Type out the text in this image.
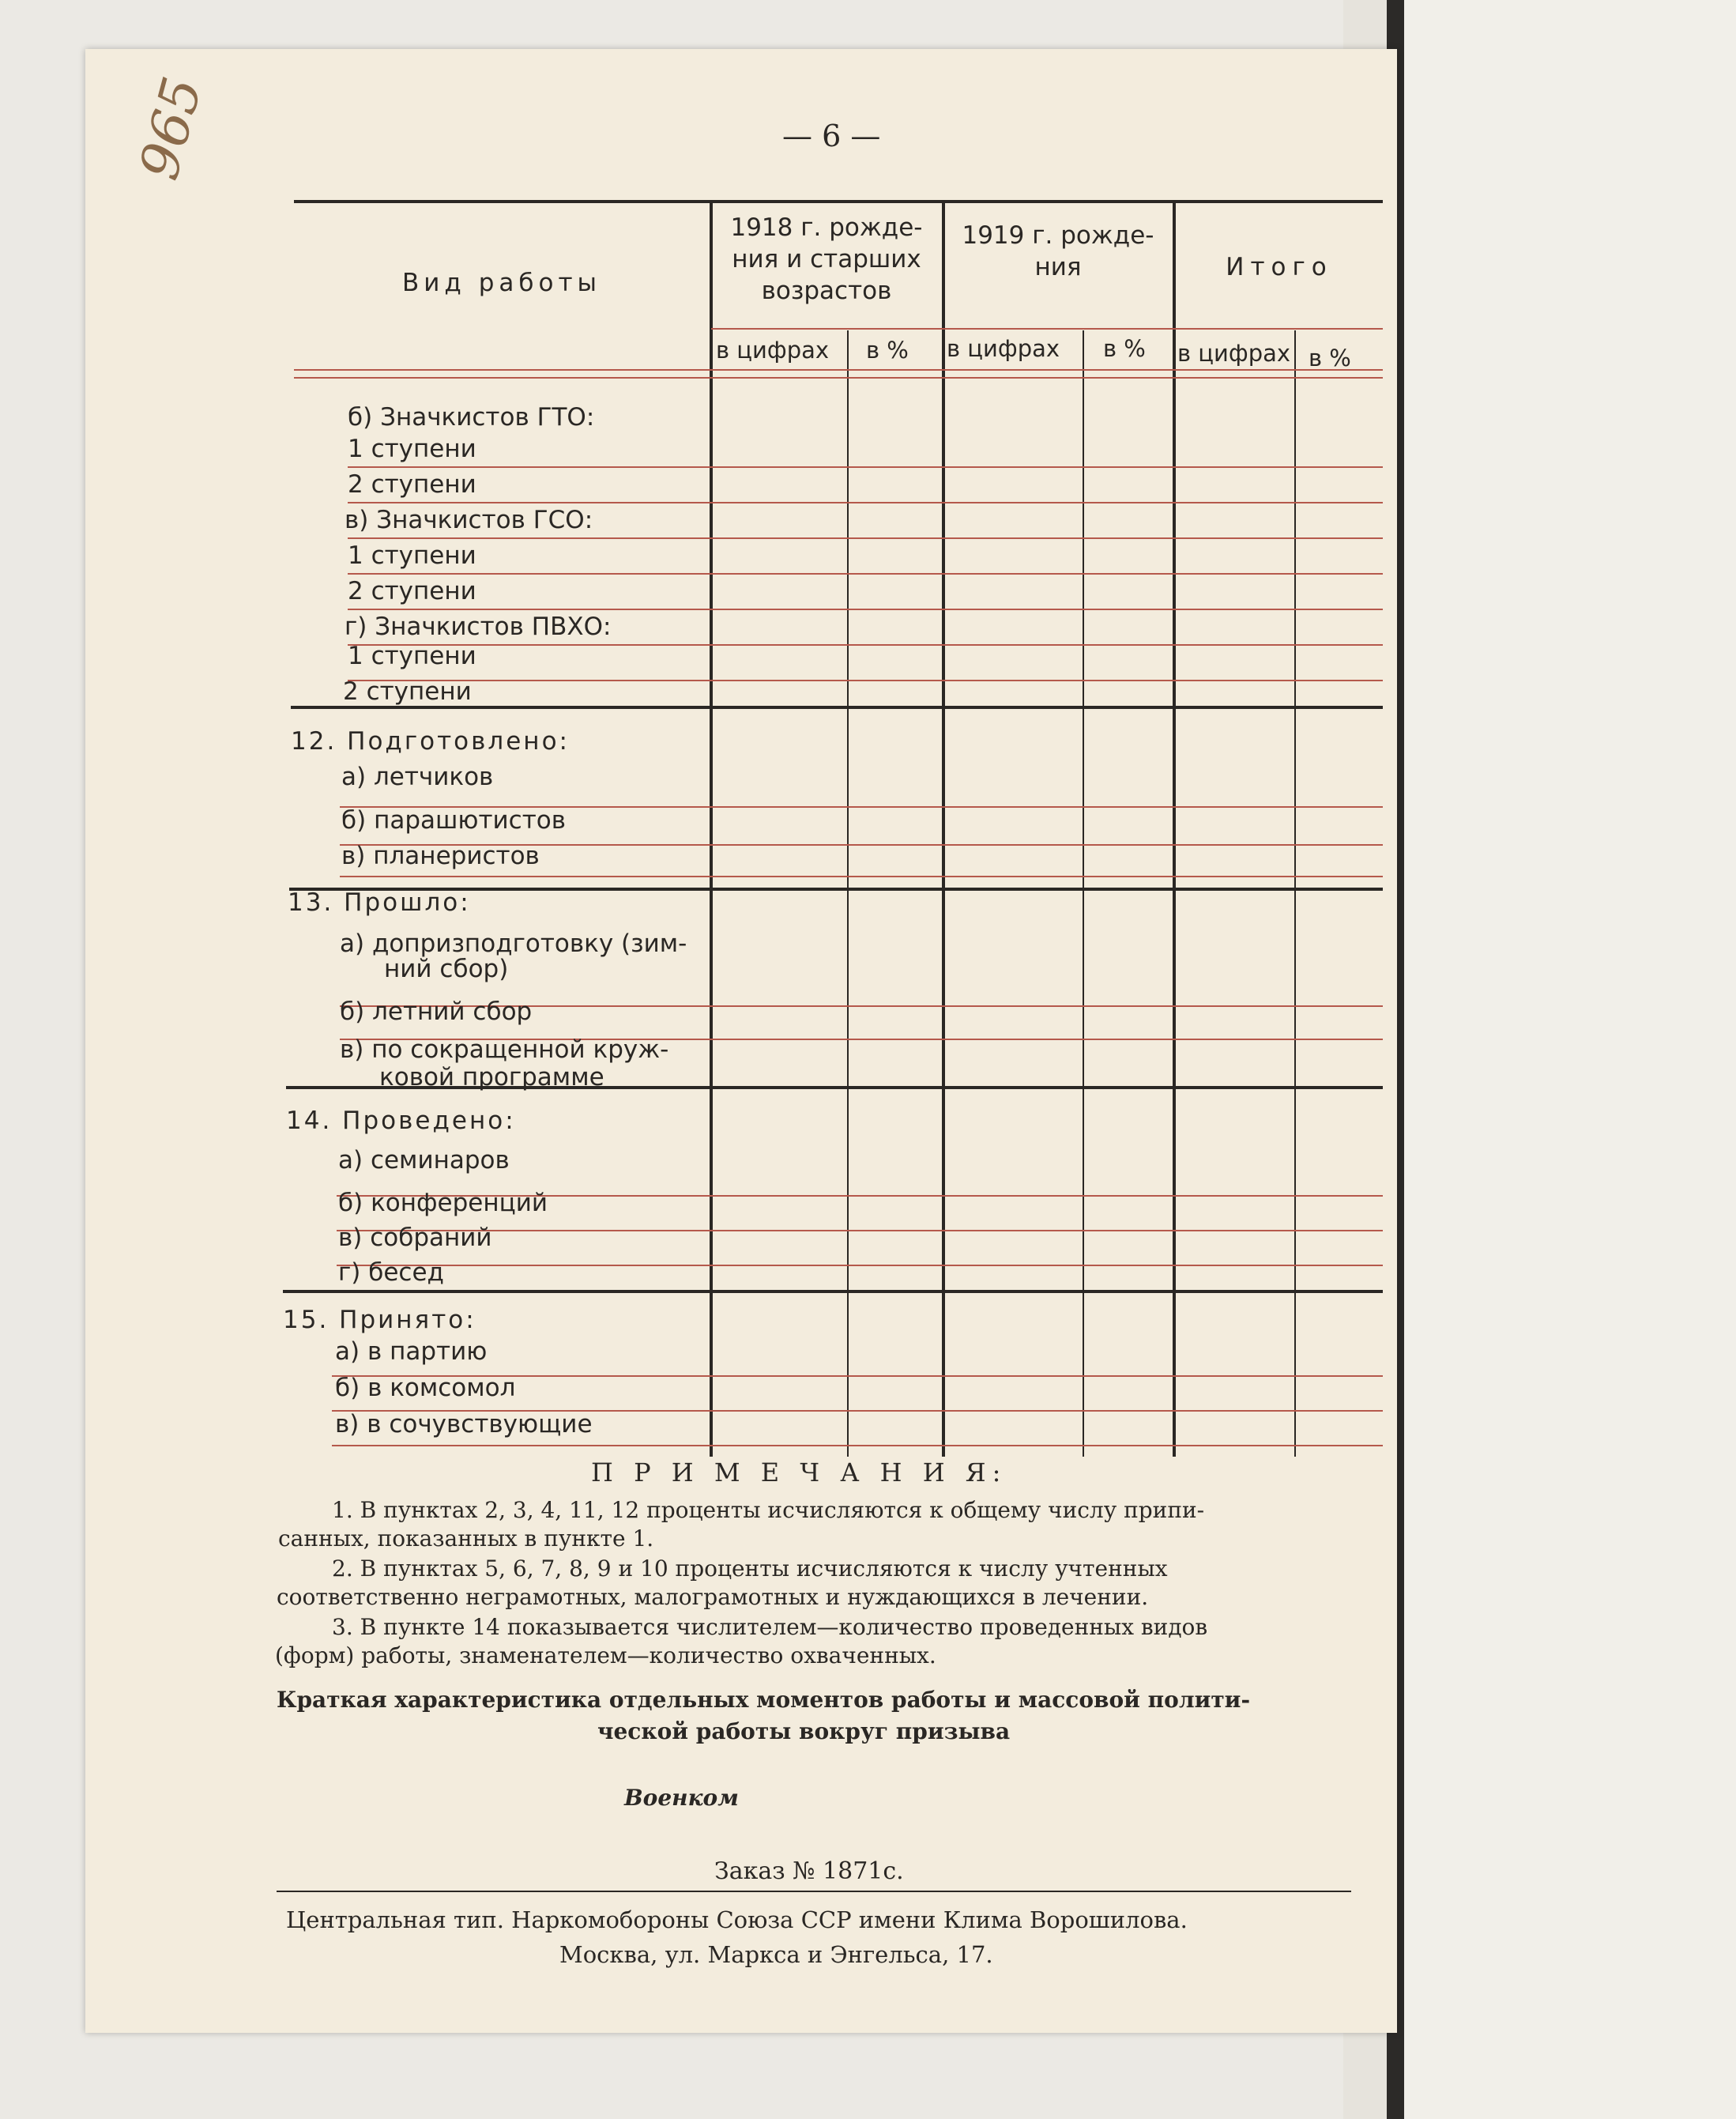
— 6 —
965
Вид работы
1918 г. рожде-
ния и старших
возрастов
1919 г. рожде-
ния	Итого
в цифрах в % в цифрах в % в цифрах в %
б) Значкистов ГТО:
1 ступени
2 ступени
в) Значкистов ГСО:
1 ступени
2 ступени
г) Значкистов ПВХО:
1 ступени
2 ступени
12. Подготовлено:
а) летчиков
б) парашютистов
в) планеристов
13. Прошло:
а) допризподготовку (зим-
ний сбор)
б) летний сбор
в) по сокращенной круж-
ковой программе
14. Проведено:
а) семинаров
б) конференций
в) собраний
г) бесед
15. Принято:
а) в партию
б) в комсомол
в) в сочувствующие
П Р И М Е Ч А Н И Я:
1. В пунктах 2, 3, 4, 11, 12 проценты исчисляются к общему числу припи-
санных, показанных в пункте 1.
2. В пунктах 5, 6, 7, 8, 9 и 10 проценты исчисляются к числу учтенных
соответственно неграмотных, малограмотных и нуждающихся в лечении.
3. В пункте 14 показывается числителем—количество проведенных видов
(форм) работы, знаменателем—количество охваченных.
Краткая характеристика отдельных моментов работы и массовой полити-
ческой работы вокруг призыва
Военком
Заказ № 1871с.
Центральная тип. Наркомобороны Союза ССР имени Клима Ворошилова.
Москва, ул. Маркса и Энгельса, 17.
